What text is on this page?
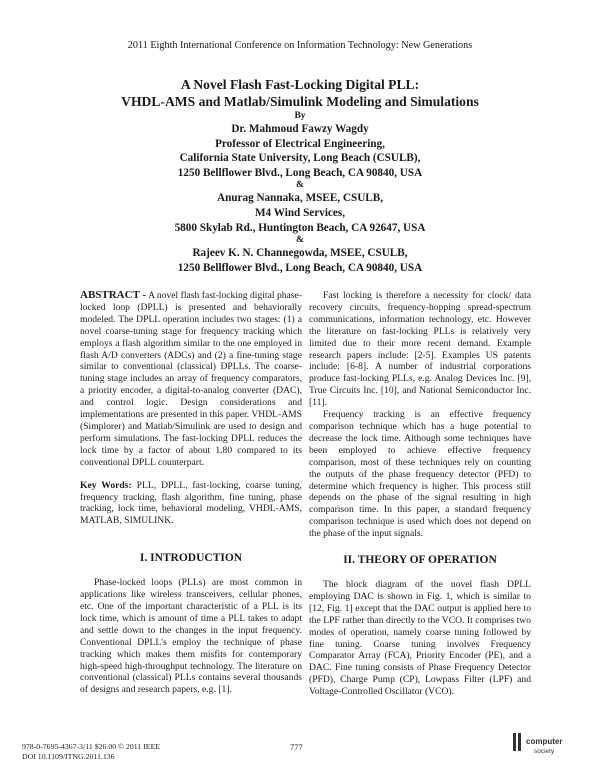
2011 Eighth International Conference on Information Technology: New Generations
A Novel Flash Fast-Locking Digital PLL:
VHDL-AMS and Matlab/Simulink Modeling and Simulations
By
Dr. Mahmoud Fawzy Wagdy
Professor of Electrical Engineering,
California State University, Long Beach (CSULB),
1250 Bellflower Blvd., Long Beach, CA 90840, USA
&
Anurag Nannaka, MSEE, CSULB,
M4 Wind Services,
5800 Skylab Rd., Huntington Beach, CA 92647, USA
&
Rajeev K. N. Channegowda, MSEE, CSULB,
1250 Bellflower Blvd., Long Beach, CA 90840, USA

ABSTRACT - A novel flash fast-locking digital phase-locked loop (DPLL) is presented and behaviorally modeled. The DPLL operation includes two stages: (1) a novel coarse-tuning stage for frequency tracking which employs a flash algorithm similar to the one employed in flash A/D converters (ADCs) and (2) a fine-tuning stage similar to conventional (classical) DPLLs. The coarse-tuning stage includes an array of frequency comparators, a priority encoder, a digital-to-analog converter (DAC), and control logic. Design considerations and implementations are presented in this paper. VHDL-AMS (Simplorer) and Matlab/Simulink are used to design and perform simulations. The fast-locking DPLL reduces the lock time by a factor of about 1.80 compared to its conventional DPLL counterpart.

Key Words: PLL, DPLL, fast-locking, coarse tuning, frequency tracking, flash algorithm, fine tuning, phase tracking, lock time, behavioral modeling, VHDL-AMS, MATLAB, SIMULINK.

I. INTRODUCTION

Phase-locked loops (PLLs) are most common in applications like wireless transceivers, cellular phones, etc. One of the important characteristic of a PLL is its lock time, which is amount of time a PLL takes to adapt and settle down to the changes in the input frequency. Conventional DPLL's employ the technique of phase tracking which makes them misfits for contemporary high-speed high-throughput technology. The literature on conventional (classical) PLLs contains several thousands of designs and research papers, e.g. [1].

Fast locking is therefore a necessity for clock/ data recovery circuits, frequency-hopping spread-spectrum communications, information technology, etc. However the literature on fast-locking PLLs is relatively very limited due to their more recent demand. Example research papers include: [2-5]. Examples US patents include: [6-8]. A number of industrial corporations produce fast-locking PLLs, e.g. Analog Devices Inc. [9], True Circuits Inc. [10], and National Semiconductor Inc. [11].

Frequency tracking is an effective frequency comparison technique which has a huge potential to decrease the lock time. Although some techniques have been employed to achieve effective frequency comparison, most of these techniques rely on counting the outputs of the phase frequency detector (PFD) to determine which frequency is higher. This process still depends on the phase of the signal resulting in high comparison time. In this paper, a standard frequency comparison technique is used which does not depend on the phase of the input signals.

II. THEORY OF OPERATION

The block diagram of the novel flash DPLL employing DAC is shown in Fig. 1, which is similar to [12, Fig. 1] except that the DAC output is applied here to the LPF rather than directly to the VCO. It comprises two modes of operation, namely coarse tuning followed by fine tuning. Coarse tuning involves Frequency Comparator Array (FCA), Priority Encoder (PE), and a DAC. Fine tuning consists of Phase Frequency Detector (PFD), Charge Pump (CP), Lowpass Filter (LPF) and Voltage-Controlled Oscillator (VCO).

978-0-7695-4367-3/11 $26.00 © 2011 IEEE
DOI 10.1109/ITNG.2011.136
777
computer
society
